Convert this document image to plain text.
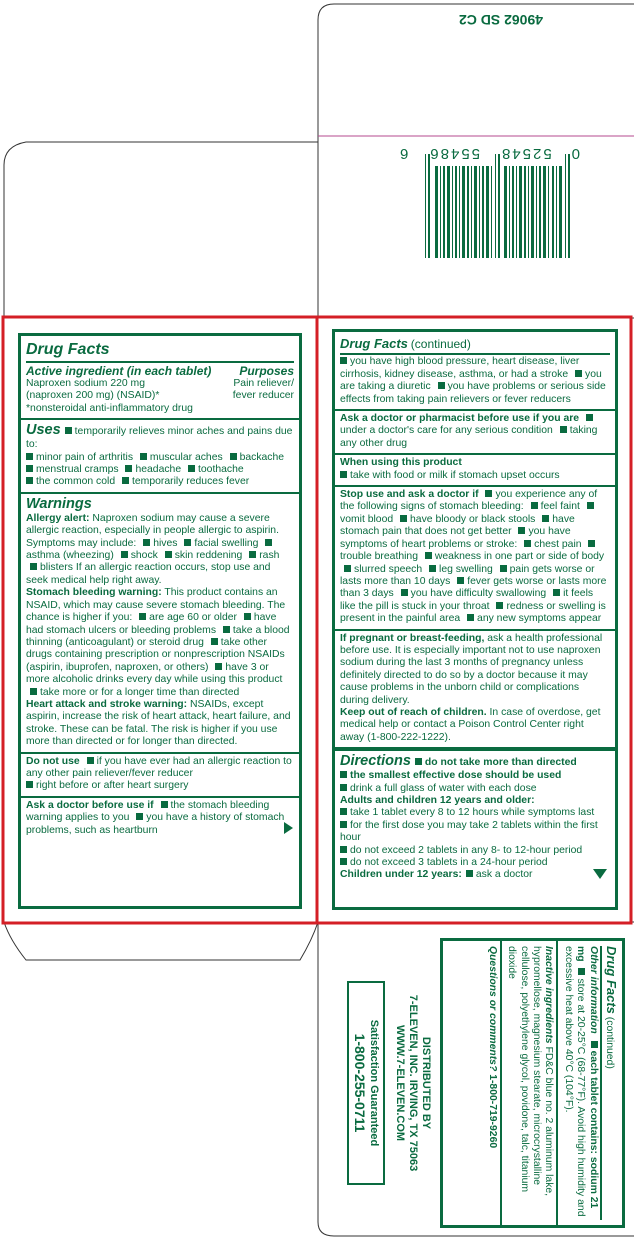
49062 SD C2
0
52548
55486
6
Drug Facts
Active ingredient (in each tablet) Purposes
Naproxen sodium 220 mg	Pain reliever/
(naproxen 200 mg) (NSAID)*	fever reducer
*nonsteroidal anti-inflammatory drug
Uses temporarily relieves minor aches and pains due to:
minor pain of arthritis muscular aches backache
menstrual cramps headache toothache
the common cold temporarily reduces fever
Warnings
Allergy alert: Naproxen sodium may cause a severe allergic reaction, especially in people allergic to aspirin. Symptoms may include: hives facial swelling asthma (wheezing) shock skin reddening rash blisters If an allergic reaction occurs, stop use and seek medical help right away.
Stomach bleeding warning: This product contains an NSAID, which may cause severe stomach bleeding. The chance is higher if you: are age 60 or older have had stomach ulcers or bleeding problems take a blood thinning (anticoagulant) or steroid drug take other drugs containing prescription or nonprescription NSAIDs (aspirin, ibuprofen, naproxen, or others) have 3 or more alcoholic drinks every day while using this product take more or for a longer time than directed
Heart attack and stroke warning: NSAIDs, except aspirin, increase the risk of heart attack, heart failure, and stroke. These can be fatal. The risk is higher if you use more than directed or for longer than directed.
Do not use if you have ever had an allergic reaction to any other pain reliever/fever reducer
right before or after heart surgery
Ask a doctor before use if the stomach bleeding warning applies to you you have a history of stomach problems, such as heartburn
Drug Facts (continued)
you have high blood pressure, heart disease, liver cirrhosis, kidney disease, asthma, or had a stroke you are taking a diuretic you have problems or serious side effects from taking pain relievers or fever reducers
Ask a doctor or pharmacist before use if you are under a doctor's care for any serious condition taking any other drug
When using this product
take with food or milk if stomach upset occurs
Stop use and ask a doctor if you experience any of the following signs of stomach bleeding: feel faint vomit blood have bloody or black stools have stomach pain that does not get better you have symptoms of heart problems or stroke: chest pain trouble breathing weakness in one part or side of body slurred speech leg swelling pain gets worse or lasts more than 10 days fever gets worse or lasts more than 3 days you have difficulty swallowing it feels like the pill is stuck in your throat redness or swelling is present in the painful area any new symptoms appear
If pregnant or breast-feeding, ask a health professional before use. It is especially important not to use naproxen sodium during the last 3 months of pregnancy unless definitely directed to do so by a doctor because it may cause problems in the unborn child or complications during delivery.
Keep out of reach of children. In case of overdose, get medical help or contact a Poison Control Center right away (1-800-222-1222).
Directions do not take more than directed
the smallest effective dose should be used
drink a full glass of water with each dose
Adults and children 12 years and older:
take 1 tablet every 8 to 12 hours while symptoms last
for the first dose you may take 2 tablets within the first hour
do not exceed 2 tablets in any 8- to 12-hour period
do not exceed 3 tablets in a 24-hour period
Children under 12 years: ask a doctor
Drug Facts (continued)
Other information each tablet contains: sodium 21 mg store at 20-25°C (68-77°F). Avoid high humidity and excessive heat above 40°C (104°F).
Inactive ingredients FD&C blue no. 2 aluminum lake, hypromellose, magnesium stearate, microcrystalline cellulose, polyethylene glycol, povidone, talc, titanium dioxide
Questions or comments? 1-800-719-9260
DISTRIBUTED BY
7-ELEVEN, INC. IRVING, TX 75063
WWW.7-ELEVEN.COM
Satisfaction Guaranteed
1-800-255-0711
